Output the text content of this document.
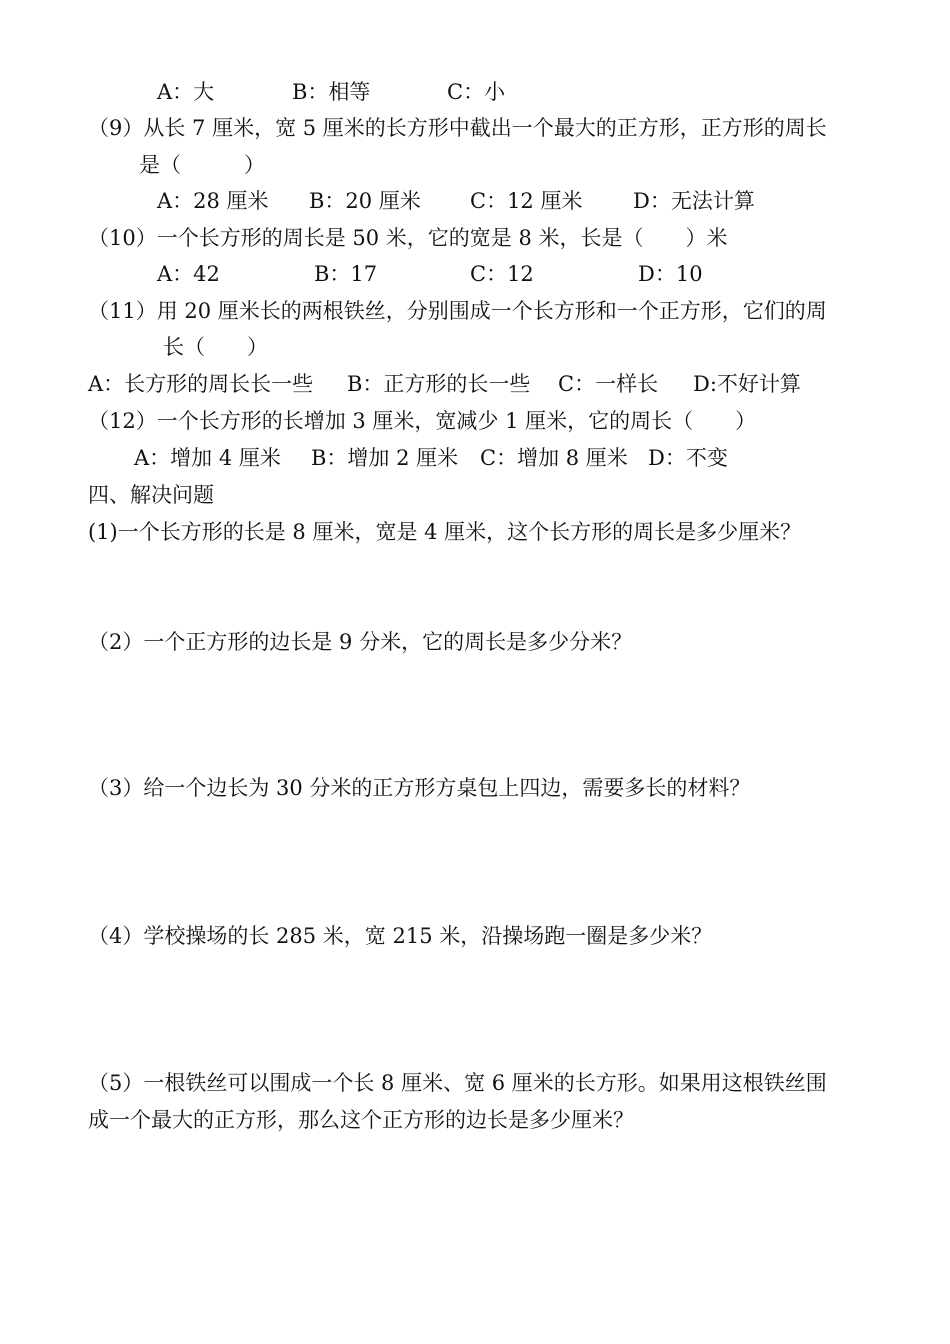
A：大	B：相等	C：小
（9）从长 7 厘米，宽 5 厘米的长方形中截出一个最大的正方形，正方形的周长
是（　　　）
A：28 厘米 B：20 厘米 C：12 厘米 D：无法计算
（10）一个长方形的周长是 50 米，它的宽是 8 米，长是（　　）米
A：42	B：17	C：12	D：10
（11）用 20 厘米长的两根铁丝，分别围成一个长方形和一个正方形，它们的周
长（　　）
A：长方形的周长长一些 B：正方形的长一些 C：一样长 D:不好计算
（12）一个长方形的长增加 3 厘米，宽减少 1 厘米，它的周长（　　）
A：增加 4 厘米 B：增加 2 厘米 C：增加 8 厘米 D：不变
四、解决问题
(1)一个长方形的长是 8 厘米，宽是 4 厘米，这个长方形的周长是多少厘米？
（2）一个正方形的边长是 9 分米，它的周长是多少分米？
（3）给一个边长为 30 分米的正方形方桌包上四边，需要多长的材料？
（4）学校操场的长 285 米，宽 215 米，沿操场跑一圈是多少米？
（5）一根铁丝可以围成一个长 8 厘米、宽 6 厘米的长方形。如果用这根铁丝围
成一个最大的正方形，那么这个正方形的边长是多少厘米？
